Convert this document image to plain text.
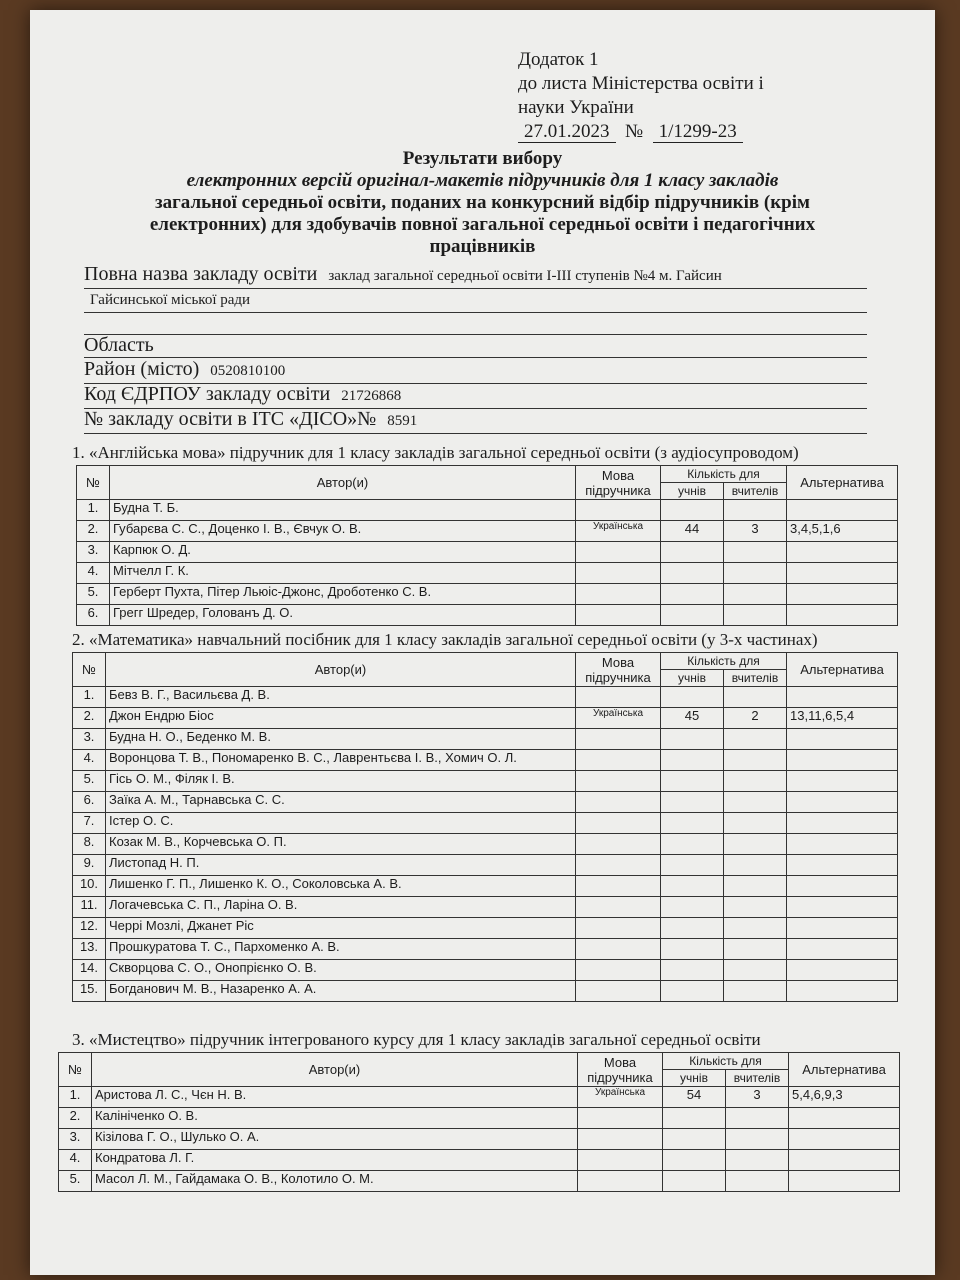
Додаток 1
до листа Міністерства освіти і
науки України
27.01.2023 № 1/1299-23
Результати вибору
електронних версій оригінал-макетів підручників для 1 класу закладів
загальної середньої освіти, поданих на конкурсний відбір підручників (крім
електронних) для здобувачів повної загальної середньої освіти і педагогічних
працівників
Повна назва закладу освіти заклад загальної середньої освіти І-ІІІ ступенів №4 м. Гайсин
Гайсинської міської ради
Область
Район (місто) 0520810100
Код ЄДРПОУ закладу освіти 21726868
№ закладу освіти в ІТС «ДІСО»№ 8591
1. «Англійська мова» підручник для 1 класу закладів загальної середньої освіти (з аудіосупроводом)
№	Автор(и)	Мова підручника	Кількість для		Альтернатива
			учнів	вчителів	
1.	Будна Т. Б.				
2.	Губарєва С. С., Доценко І. В., Євчук О. В.	Українська	44	3	3,4,5,1,6
3.	Карпюк О. Д.				
4.	Мітчелл Г. К.				
5.	Герберт Пухта, Пітер Льюіс-Джонс, Дроботенко С. В.				
6.	Грегг Шредер, Голованъ Д. О.				
2. «Математика» навчальний посібник для 1 класу закладів загальної середньої освіти (у 3-х частинах)
№	Автор(и)	Мова підручника	Кількість для		Альтернатива
			учнів	вчителів	
1.	Бевз В. Г., Васильєва Д. В.				
2.	Джон Ендрю Біос	Українська	45	2	13,11,6,5,4
3.	Будна Н. О., Беденко М. В.				
4.	Воронцова Т. В., Пономаренко В. С., Лаврентьєва І. В., Хомич О. Л.				
5.	Гісь О. М., Філяк І. В.				
6.	Заїка А. М., Тарнавська С. С.				
7.	Істер О. С.				
8.	Козак М. В., Корчевська О. П.				
9.	Листопад Н. П.				
10.	Лишенко Г. П., Лишенко К. О., Соколовська А. В.				
11.	Логачевська С. П., Ларіна О. В.				
12.	Черрі Мозлі, Джанет Ріс				
13.	Прошкуратова Т. С., Пархоменко А. В.				
14.	Скворцова С. О., Онопрієнко О. В.				
15.	Богданович М. В., Назаренко А. А.				
3. «Мистецтво» підручник інтегрованого курсу для 1 класу закладів загальної середньої освіти
№	Автор(и)	Мова підручника	Кількість для		Альтернатива
			учнів	вчителів	
1.	Аристова Л. С., Чєн Н. В.	Українська	54	3	5,4,6,9,3
2.	Калініченко О. В.				
3.	Кізілова Г. О., Шулько О. А.				
4.	Кондратова Л. Г.				
5.	Масол Л. М., Гайдамака О. В., Колотило О. М.				
